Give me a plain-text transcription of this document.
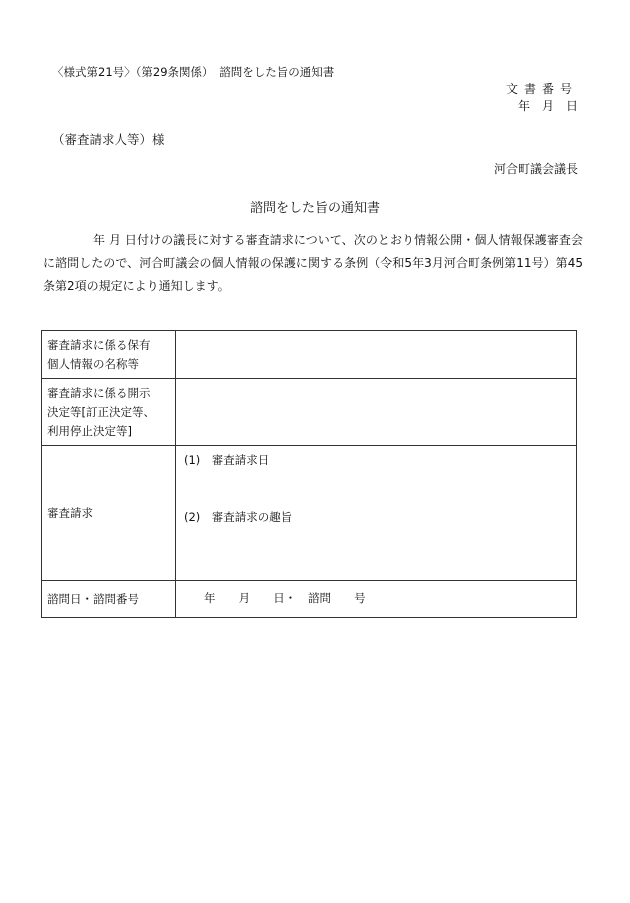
〈様式第21号〉（第29条関係）　諮問をした旨の通知書
文書番号
年　月　日
（審査請求人等）様
河合町議会議長
諮問をした旨の通知書
年 月 日付けの議長に対する審査請求について、次のとおり情報公開・個人情報保護審査会に諮問したので、河合町議会の個人情報の保護に関する条例（令和5年3月河合町条例第11号）第45条第2項の規定により通知します。
審査請求に係る保有
個人情報の名称等	

審査請求に係る開示
決定等[訂正決定等、
利用停止決定等]	

審査請求	(1)　審査請求日
(2)　審査請求の趣旨

諮問日・諮問番号	年　 月　 日・ 諮問　 号
